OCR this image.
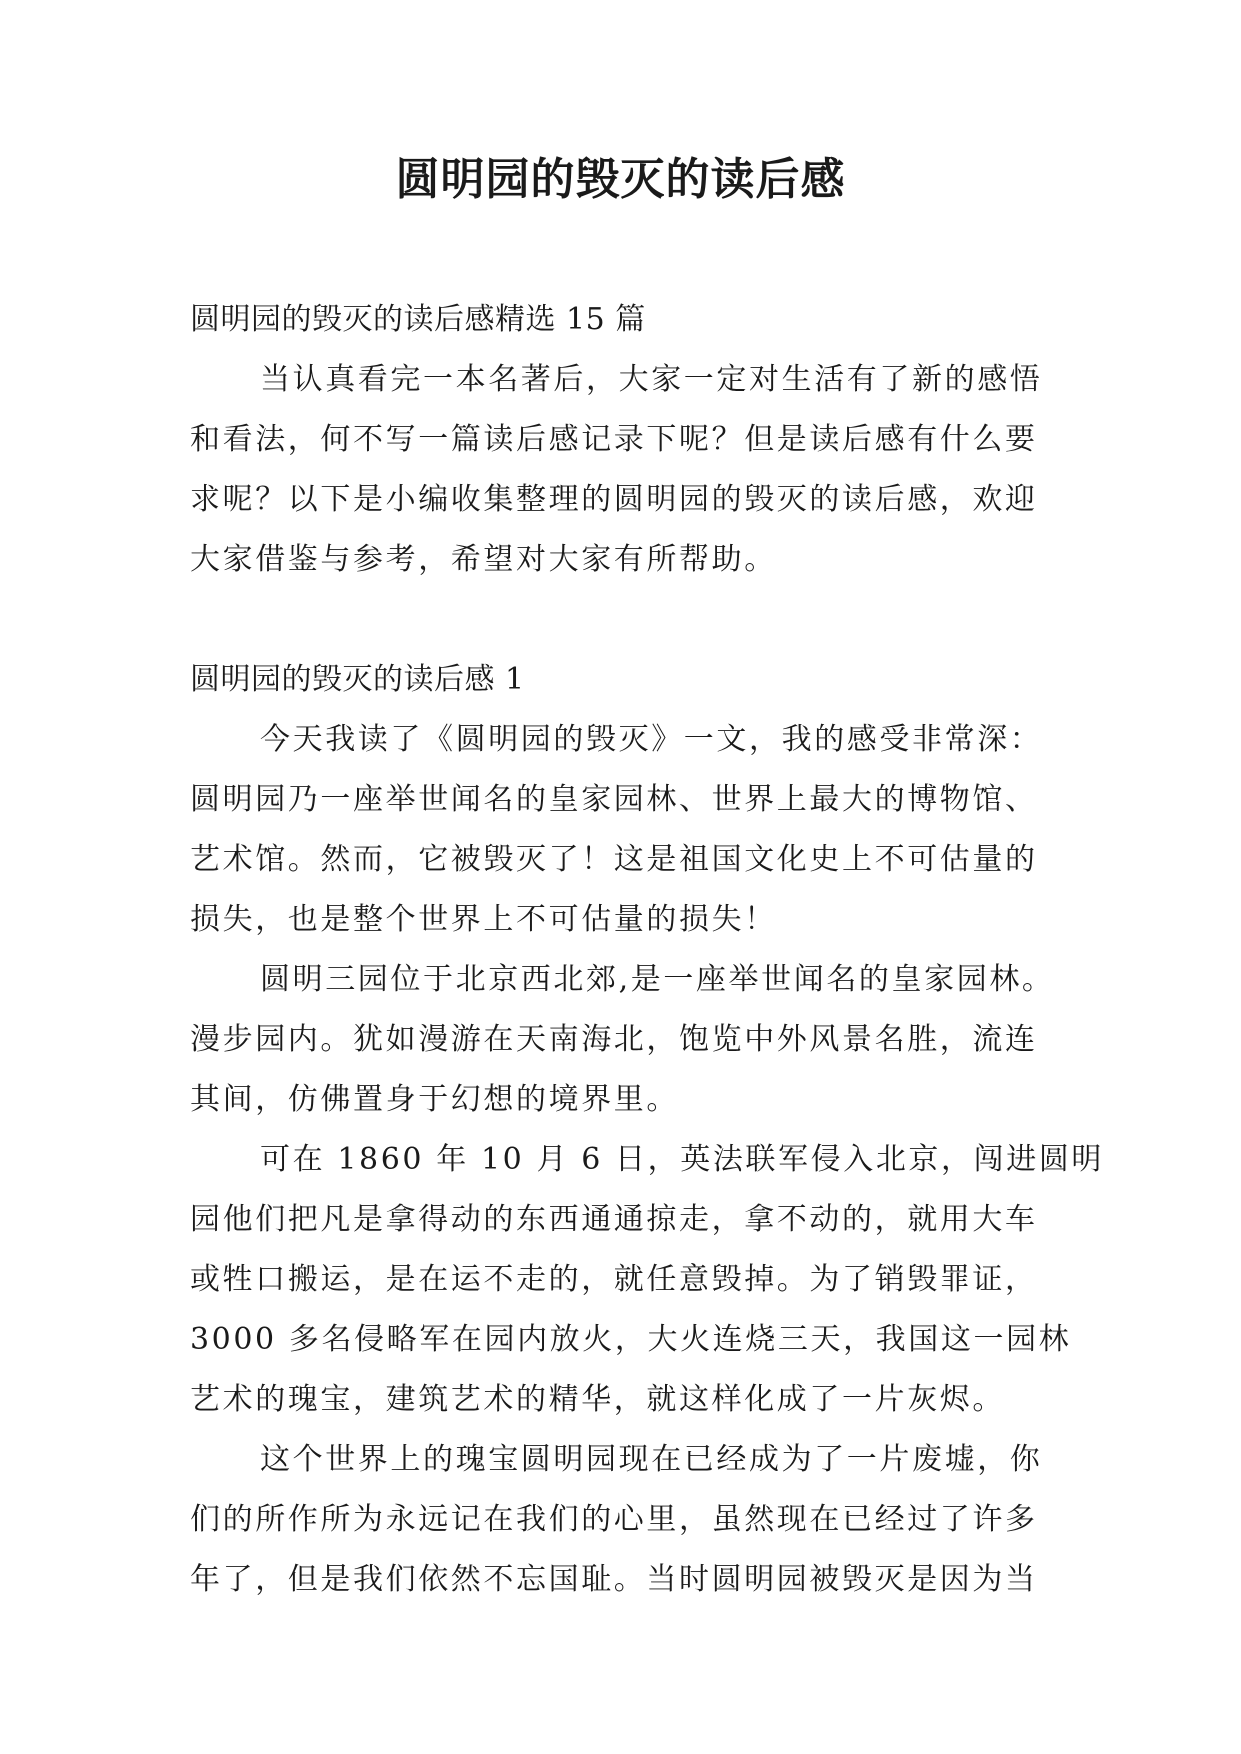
圆明园的毁灭的读后感
圆明园的毁灭的读后感精选 15 篇
当认真看完一本名著后，大家一定对生活有了新的感悟
和看法，何不写一篇读后感记录下呢？但是读后感有什么要
求呢？以下是小编收集整理的圆明园的毁灭的读后感，欢迎
大家借鉴与参考，希望对大家有所帮助。
圆明园的毁灭的读后感 1
今天我读了《圆明园的毁灭》一文，我的感受非常深：
圆明园乃一座举世闻名的皇家园林、世界上最大的博物馆、
艺术馆。然而，它被毁灭了！这是祖国文化史上不可估量的
损失，也是整个世界上不可估量的损失！
圆明三园位于北京西北郊,是一座举世闻名的皇家园林。
漫步园内。犹如漫游在天南海北，饱览中外风景名胜，流连
其间，仿佛置身于幻想的境界里。
可在 1860 年 10 月 6 日，英法联军侵入北京，闯进圆明
园他们把凡是拿得动的东西通通掠走，拿不动的，就用大车
或牲口搬运，是在运不走的，就任意毁掉。为了销毁罪证，
3000 多名侵略军在园内放火，大火连烧三天，我国这一园林
艺术的瑰宝，建筑艺术的精华，就这样化成了一片灰烬。
这个世界上的瑰宝圆明园现在已经成为了一片废墟，你
们的所作所为永远记在我们的心里，虽然现在已经过了许多
年了，但是我们依然不忘国耻。当时圆明园被毁灭是因为当
